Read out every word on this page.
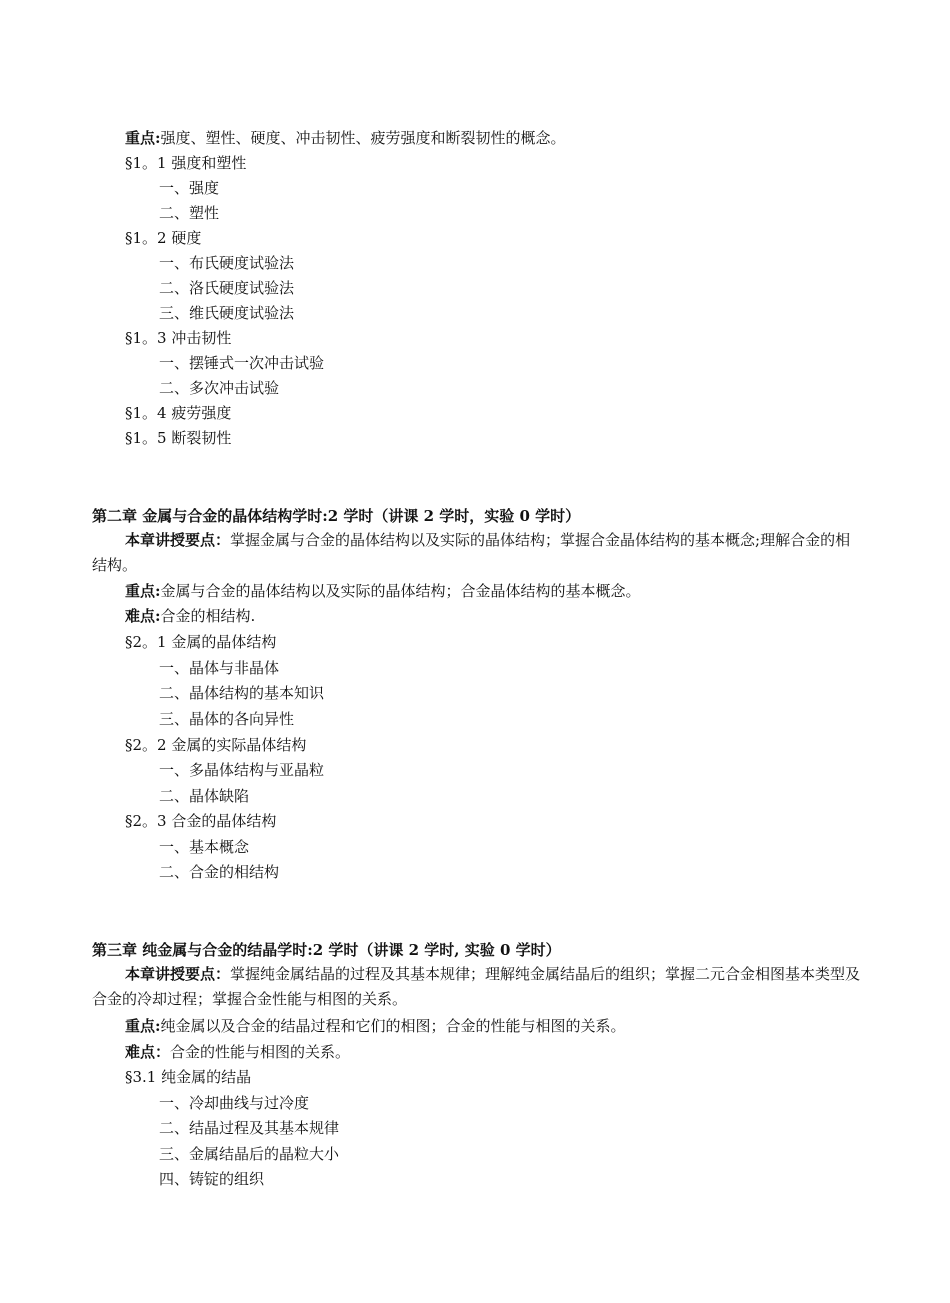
重点:强度、塑性、硬度、冲击韧性、疲劳强度和断裂韧性的概念。
§1。1 强度和塑性
一、强度
二、塑性
§1。2 硬度
一、布氏硬度试验法
二、洛氏硬度试验法
三、维氏硬度试验法
§1。3 冲击韧性
一、摆锤式一次冲击试验
二、多次冲击试验
§1。4 疲劳强度
§1。5 断裂韧性
第二章 金属与合金的晶体结构学时:2 学时（讲课 2 学时，实验 0 学时）
本章讲授要点：掌握金属与合金的晶体结构以及实际的晶体结构；掌握合金晶体结构的基本概念;理解合金的相结构。
重点:金属与合金的晶体结构以及实际的晶体结构；合金晶体结构的基本概念。
难点:合金的相结构.
§2。1 金属的晶体结构
一、晶体与非晶体
二、晶体结构的基本知识
三、晶体的各向异性
§2。2 金属的实际晶体结构
一、多晶体结构与亚晶粒
二、晶体缺陷
§2。3 合金的晶体结构
一、基本概念
二、合金的相结构
第三章 纯金属与合金的结晶学时:2 学时（讲课 2 学时, 实验 0 学时）
本章讲授要点：掌握纯金属结晶的过程及其基本规律；理解纯金属结晶后的组织；掌握二元合金相图基本类型及合金的冷却过程；掌握合金性能与相图的关系。
重点:纯金属以及合金的结晶过程和它们的相图；合金的性能与相图的关系。
难点：合金的性能与相图的关系。
§3.1 纯金属的结晶
一、冷却曲线与过冷度
二、结晶过程及其基本规律
三、金属结晶后的晶粒大小
四、铸锭的组织
